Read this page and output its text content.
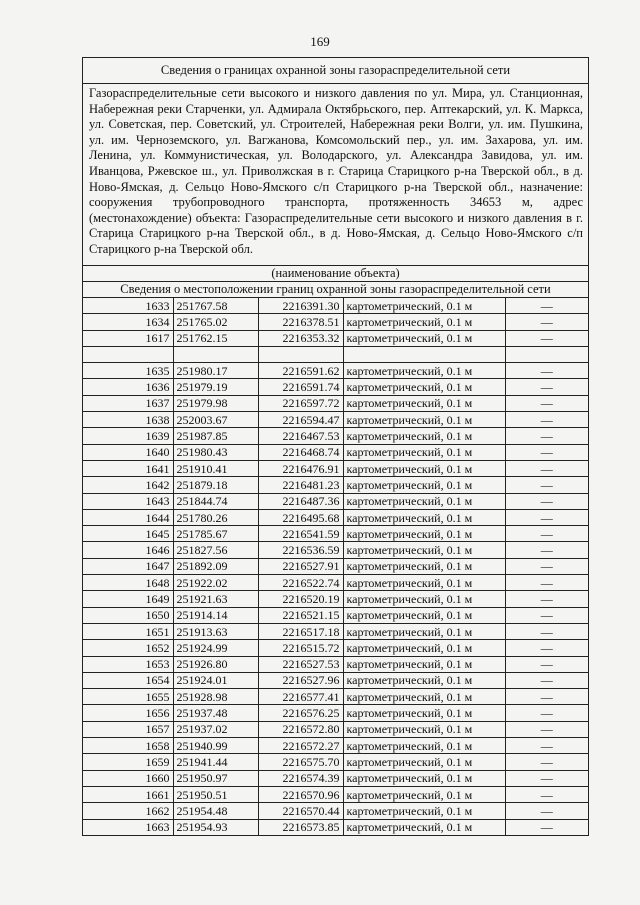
169
Сведения о границах охранной зоны газораспределительной сети
Газораспределительные сети высокого и низкого давления по ул. Мира, ул. Станционная, Набережная реки Старченки, ул. Адмирала Октябрьского, пер. Аптекарский, ул. К. Маркса, ул. Советская, пер. Советский, ул. Строителей, Набережная реки Волги, ул. им. Пушкина, ул. им. Черноземского, ул. Вагжанова, Комсомольский пер., ул. им. Захарова, ул. им. Ленина, ул. Коммунистическая, ул. Володарского, ул. Александра Завидова, ул. им. Иванцова, Ржевское ш., ул. Приволжская в г. Старица Старицкого р-на Тверской обл., в д. Ново-Ямская, д. Сельцо Ново-Ямского с/п Старицкого р-на Тверской обл., назначение: сооружения трубопроводного транспорта, протяженность 34653 м, адрес (местонахождение) объекта: Газораспределительные сети высокого и низкого давления в г. Старица Старицкого р-на Тверской обл., в д. Ново-Ямская, д. Сельцо Ново-Ямского с/п Старицкого р-на Тверской обл.
(наименование объекта)
Сведения о местоположении границ охранной зоны газораспределительной сети
1633	251767.58	2216391.30	картометрический, 0.1 м	—
1634	251765.02	2216378.51	картометрический, 0.1 м	—
1617	251762.15	2216353.32	картометрический, 0.1 м	—

1635	251980.17	2216591.62	картометрический, 0.1 м	—
1636	251979.19	2216591.74	картометрический, 0.1 м	—
1637	251979.98	2216597.72	картометрический, 0.1 м	—
1638	252003.67	2216594.47	картометрический, 0.1 м	—
1639	251987.85	2216467.53	картометрический, 0.1 м	—
1640	251980.43	2216468.74	картометрический, 0.1 м	—
1641	251910.41	2216476.91	картометрический, 0.1 м	—
1642	251879.18	2216481.23	картометрический, 0.1 м	—
1643	251844.74	2216487.36	картометрический, 0.1 м	—
1644	251780.26	2216495.68	картометрический, 0.1 м	—
1645	251785.67	2216541.59	картометрический, 0.1 м	—
1646	251827.56	2216536.59	картометрический, 0.1 м	—
1647	251892.09	2216527.91	картометрический, 0.1 м	—
1648	251922.02	2216522.74	картометрический, 0.1 м	—
1649	251921.63	2216520.19	картометрический, 0.1 м	—
1650	251914.14	2216521.15	картометрический, 0.1 м	—
1651	251913.63	2216517.18	картометрический, 0.1 м	—
1652	251924.99	2216515.72	картометрический, 0.1 м	—
1653	251926.80	2216527.53	картометрический, 0.1 м	—
1654	251924.01	2216527.96	картометрический, 0.1 м	—
1655	251928.98	2216577.41	картометрический, 0.1 м	—
1656	251937.48	2216576.25	картометрический, 0.1 м	—
1657	251937.02	2216572.80	картометрический, 0.1 м	—
1658	251940.99	2216572.27	картометрический, 0.1 м	—
1659	251941.44	2216575.70	картометрический, 0.1 м	—
1660	251950.97	2216574.39	картометрический, 0.1 м	—
1661	251950.51	2216570.96	картометрический, 0.1 м	—
1662	251954.48	2216570.44	картометрический, 0.1 м	—
1663	251954.93	2216573.85	картометрический, 0.1 м	—
